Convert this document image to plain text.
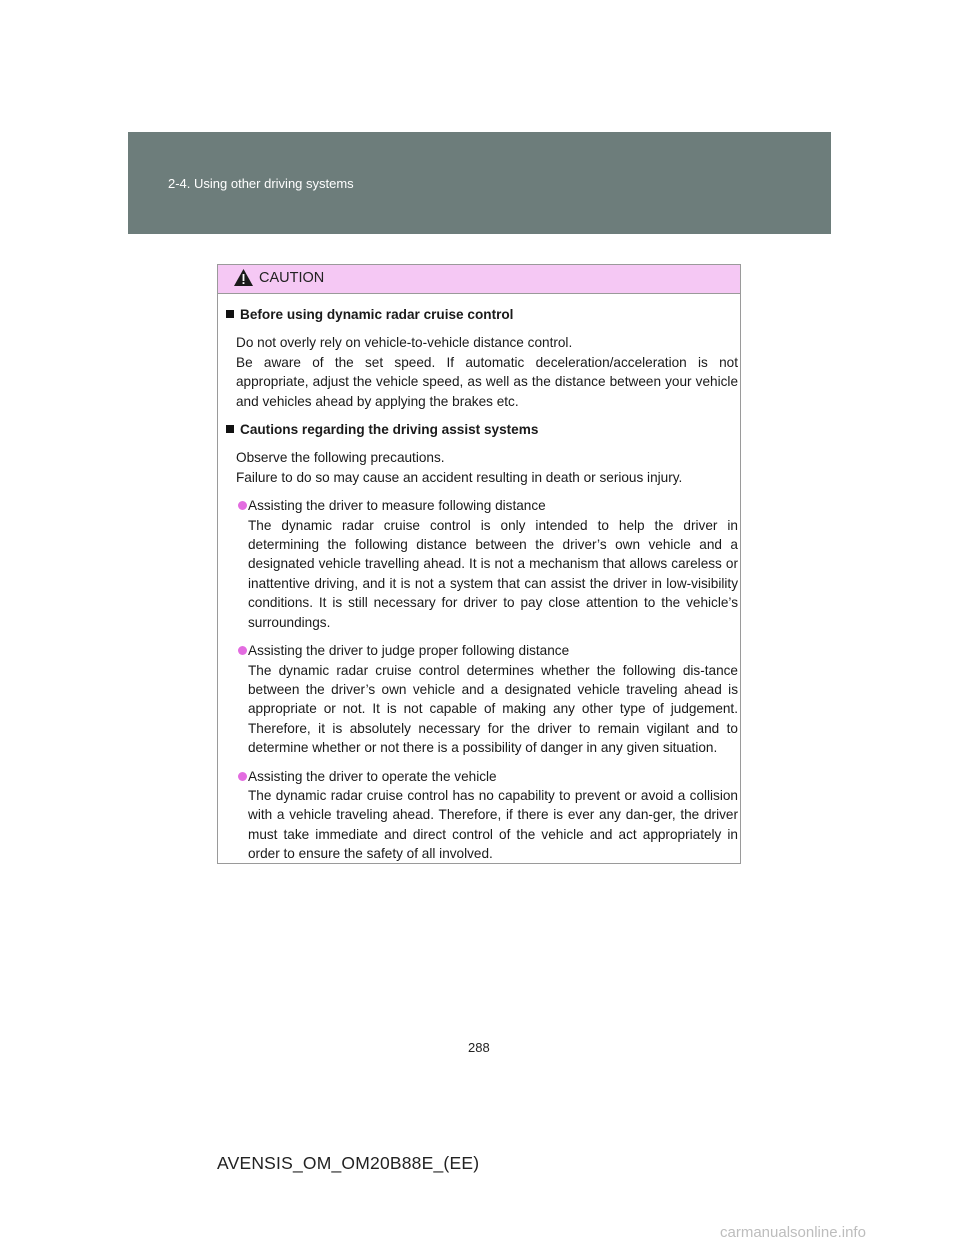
2-4. Using other driving systems
CAUTION

Before using dynamic radar cruise control

Do not overly rely on vehicle-to-vehicle distance control.

Be aware of the set speed. If automatic deceleration/acceleration is not appropriate, adjust the vehicle speed, as well as the distance between your vehicle and vehicles ahead by applying the brakes etc.

Cautions regarding the driving assist systems

Observe the following precautions.

Failure to do so may cause an accident resulting in death or serious injury.

Assisting the driver to measure following distance

The dynamic radar cruise control is only intended to help the driver in determining the following distance between the driver’s own vehicle and a designated vehicle travelling ahead. It is not a mechanism that allows careless or inattentive driving, and it is not a system that can assist the driver in low-visibility conditions. It is still necessary for driver to pay close attention to the vehicle’s surroundings.

Assisting the driver to judge proper following distance

The dynamic radar cruise control determines whether the following dis-tance between the driver’s own vehicle and a designated vehicle traveling ahead is appropriate or not. It is not capable of making any other type of judgement. Therefore, it is absolutely necessary for the driver to remain vigilant and to determine whether or not there is a possibility of danger in any given situation.

Assisting the driver to operate the vehicle

The dynamic radar cruise control has no capability to prevent or avoid a collision with a vehicle traveling ahead. Therefore, if there is ever any dan-ger, the driver must take immediate and direct control of the vehicle and act appropriately in order to ensure the safety of all involved.

288
AVENSIS_OM_OM20B88E_(EE)
carmanualsonline.info
